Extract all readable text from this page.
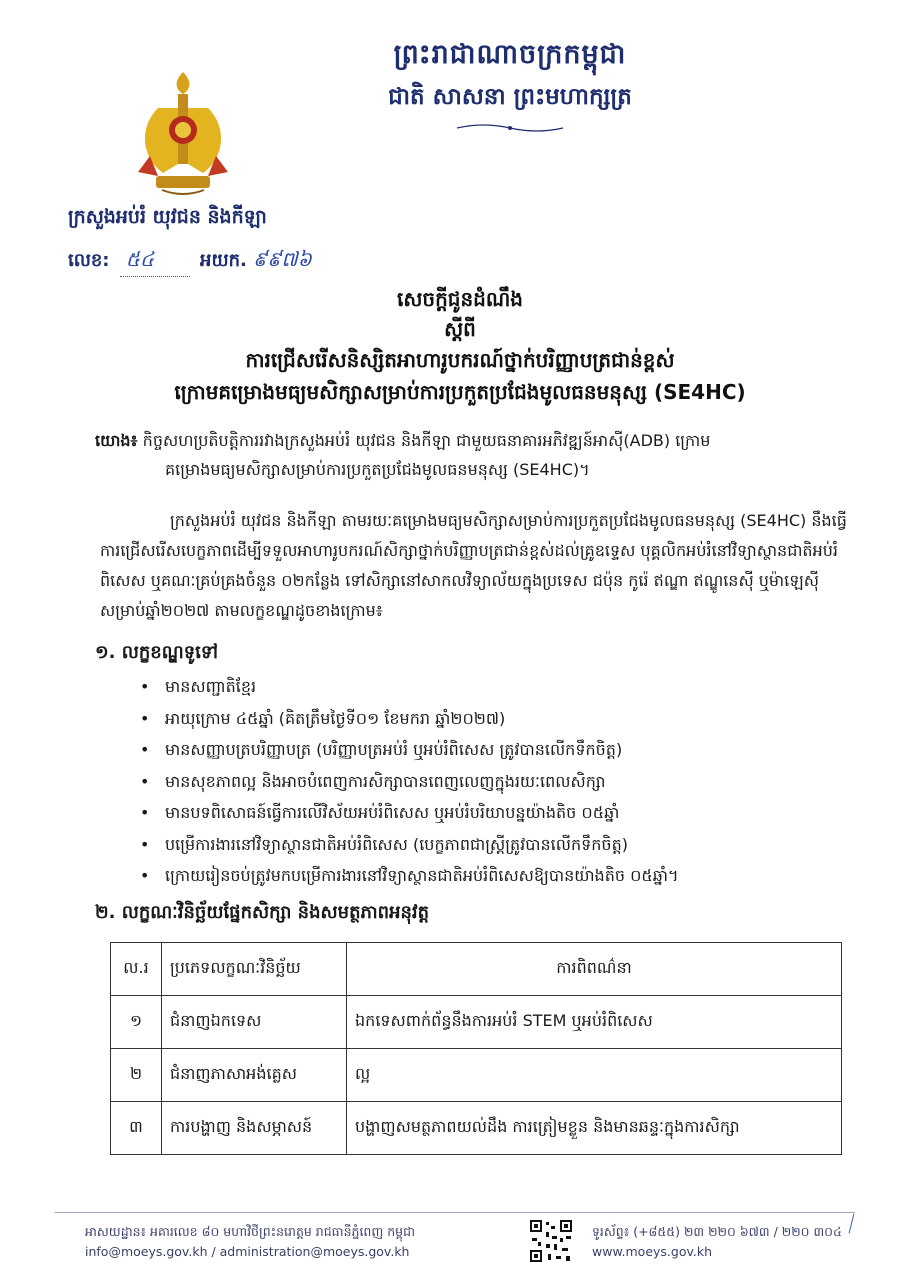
ព្រះរាជាណាចក្រកម្ពុជា
ជាតិ សាសនា ព្រះមហាក្សត្រ
ក្រសួងអប់រំ យុវជន និងកីឡា
លេខ: ៥៤	អយក. ៩៩៧៦
សេចក្ដីជូនដំណឹង
ស្ដីពី
ការជ្រើសរើសនិស្សិតអាហារូបករណ៍ថ្នាក់បរិញ្ញាបត្រជាន់ខ្ពស់
ក្រោមគម្រោងមធ្យមសិក្សាសម្រាប់ការប្រកួតប្រជែងមូលធនមនុស្ស (SE4HC)
យោង៖ កិច្ចសហប្រតិបត្តិការរវាងក្រសួងអប់រំ យុវជន និងកីឡា ជាមួយធនាគារអភិវឌ្ឍន៍អាស៊ី(ADB) ក្រោម
គម្រោងមធ្យមសិក្សាសម្រាប់ការប្រកួតប្រជែងមូលធនមនុស្ស (SE4HC)។
ក្រសួងអប់រំ យុវជន និងកីឡា តាមរយៈគម្រោងមធ្យមសិក្សាសម្រាប់ការប្រកួតប្រជែងមូលធនមនុស្ស (SE4HC) នឹងធ្វើការជ្រើសរើសបេក្ខភាពដើម្បីទទួលអាហារូបករណ៍សិក្សាថ្នាក់បរិញ្ញាបត្រជាន់ខ្ពស់ដល់គ្រូឧទ្ទេស បុគ្គលិកអប់រំនៅវិទ្យាស្ថានជាតិអប់រំពិសេស ឬគណៈគ្រប់គ្រងចំនួន ០២កន្លែង ទៅសិក្សានៅសាកលវិទ្យាល័យក្នុងប្រទេស ជប៉ុន កូរ៉េ ឥណ្ឌា ឥណ្ឌូនេស៊ី ឬម៉ាឡេស៊ី សម្រាប់ឆ្នាំ២០២៧ តាមលក្ខខណ្ឌដូចខាងក្រោម៖
១. លក្ខខណ្ឌទូទៅ
• មានសញ្ជាតិខ្មែរ
• អាយុក្រោម ៤៥ឆ្នាំ (គិតត្រឹមថ្ងៃទី០១ ខែមករា ឆ្នាំ២០២៧)
• មានសញ្ញាបត្របរិញ្ញាបត្រ (បរិញ្ញាបត្រអប់រំ ឬអប់រំពិសេស ត្រូវបានលើកទឹកចិត្ត)
• មានសុខភាពល្អ និងអាចបំពេញការសិក្សាបានពេញលេញក្នុងរយៈពេលសិក្សា
• មានបទពិសោធន៍ធ្វើការលើវិស័យអប់រំពិសេស ឬអប់រំបរិយាបន្នយ៉ាងតិច ០៥ឆ្នាំ
• បម្រើការងារនៅវិទ្យាស្ថានជាតិអប់រំពិសេស (បេក្ខភាពជាស្ត្រីត្រូវបានលើកទឹកចិត្ត)
• ក្រោយរៀនចប់ត្រូវមកបម្រើការងារនៅវិទ្យាស្ថានជាតិអប់រំពិសេសឱ្យបានយ៉ាងតិច ០៥ឆ្នាំ។
២. លក្ខណៈវិនិច្ឆ័យផ្នែកសិក្សា និងសមត្ថភាពអនុវត្ត
ល.រ	ប្រភេទលក្ខណៈវិនិច្ឆ័យ	ការពិពណ៌នា
១	ជំនាញឯកទេស	ឯកទេសពាក់ព័ន្ធនឹងការអប់រំ STEM ឬអប់រំពិសេស
២	ជំនាញភាសាអង់គ្លេស	ល្អ
៣	ការបង្ហាញ និងសម្ភាសន៍	បង្ហាញសមត្ថភាពយល់ដឹង ការត្រៀមខ្លួន និងមានឆន្ទៈក្នុងការសិក្សា
អាសយដ្ឋាន៖ អគារលេខ ៨០ មហាវិថីព្រះនរោត្តម រាជធានីភ្នំពេញ កម្ពុជា
info@moeys.gov.kh / administration@moeys.gov.kh
ទូរស័ព្ទ៖ (+៨៥៥) ២៣ ២២០ ៦៧៣ / ២២០ ៣០៤
www.moeys.gov.kh
ᛁ
